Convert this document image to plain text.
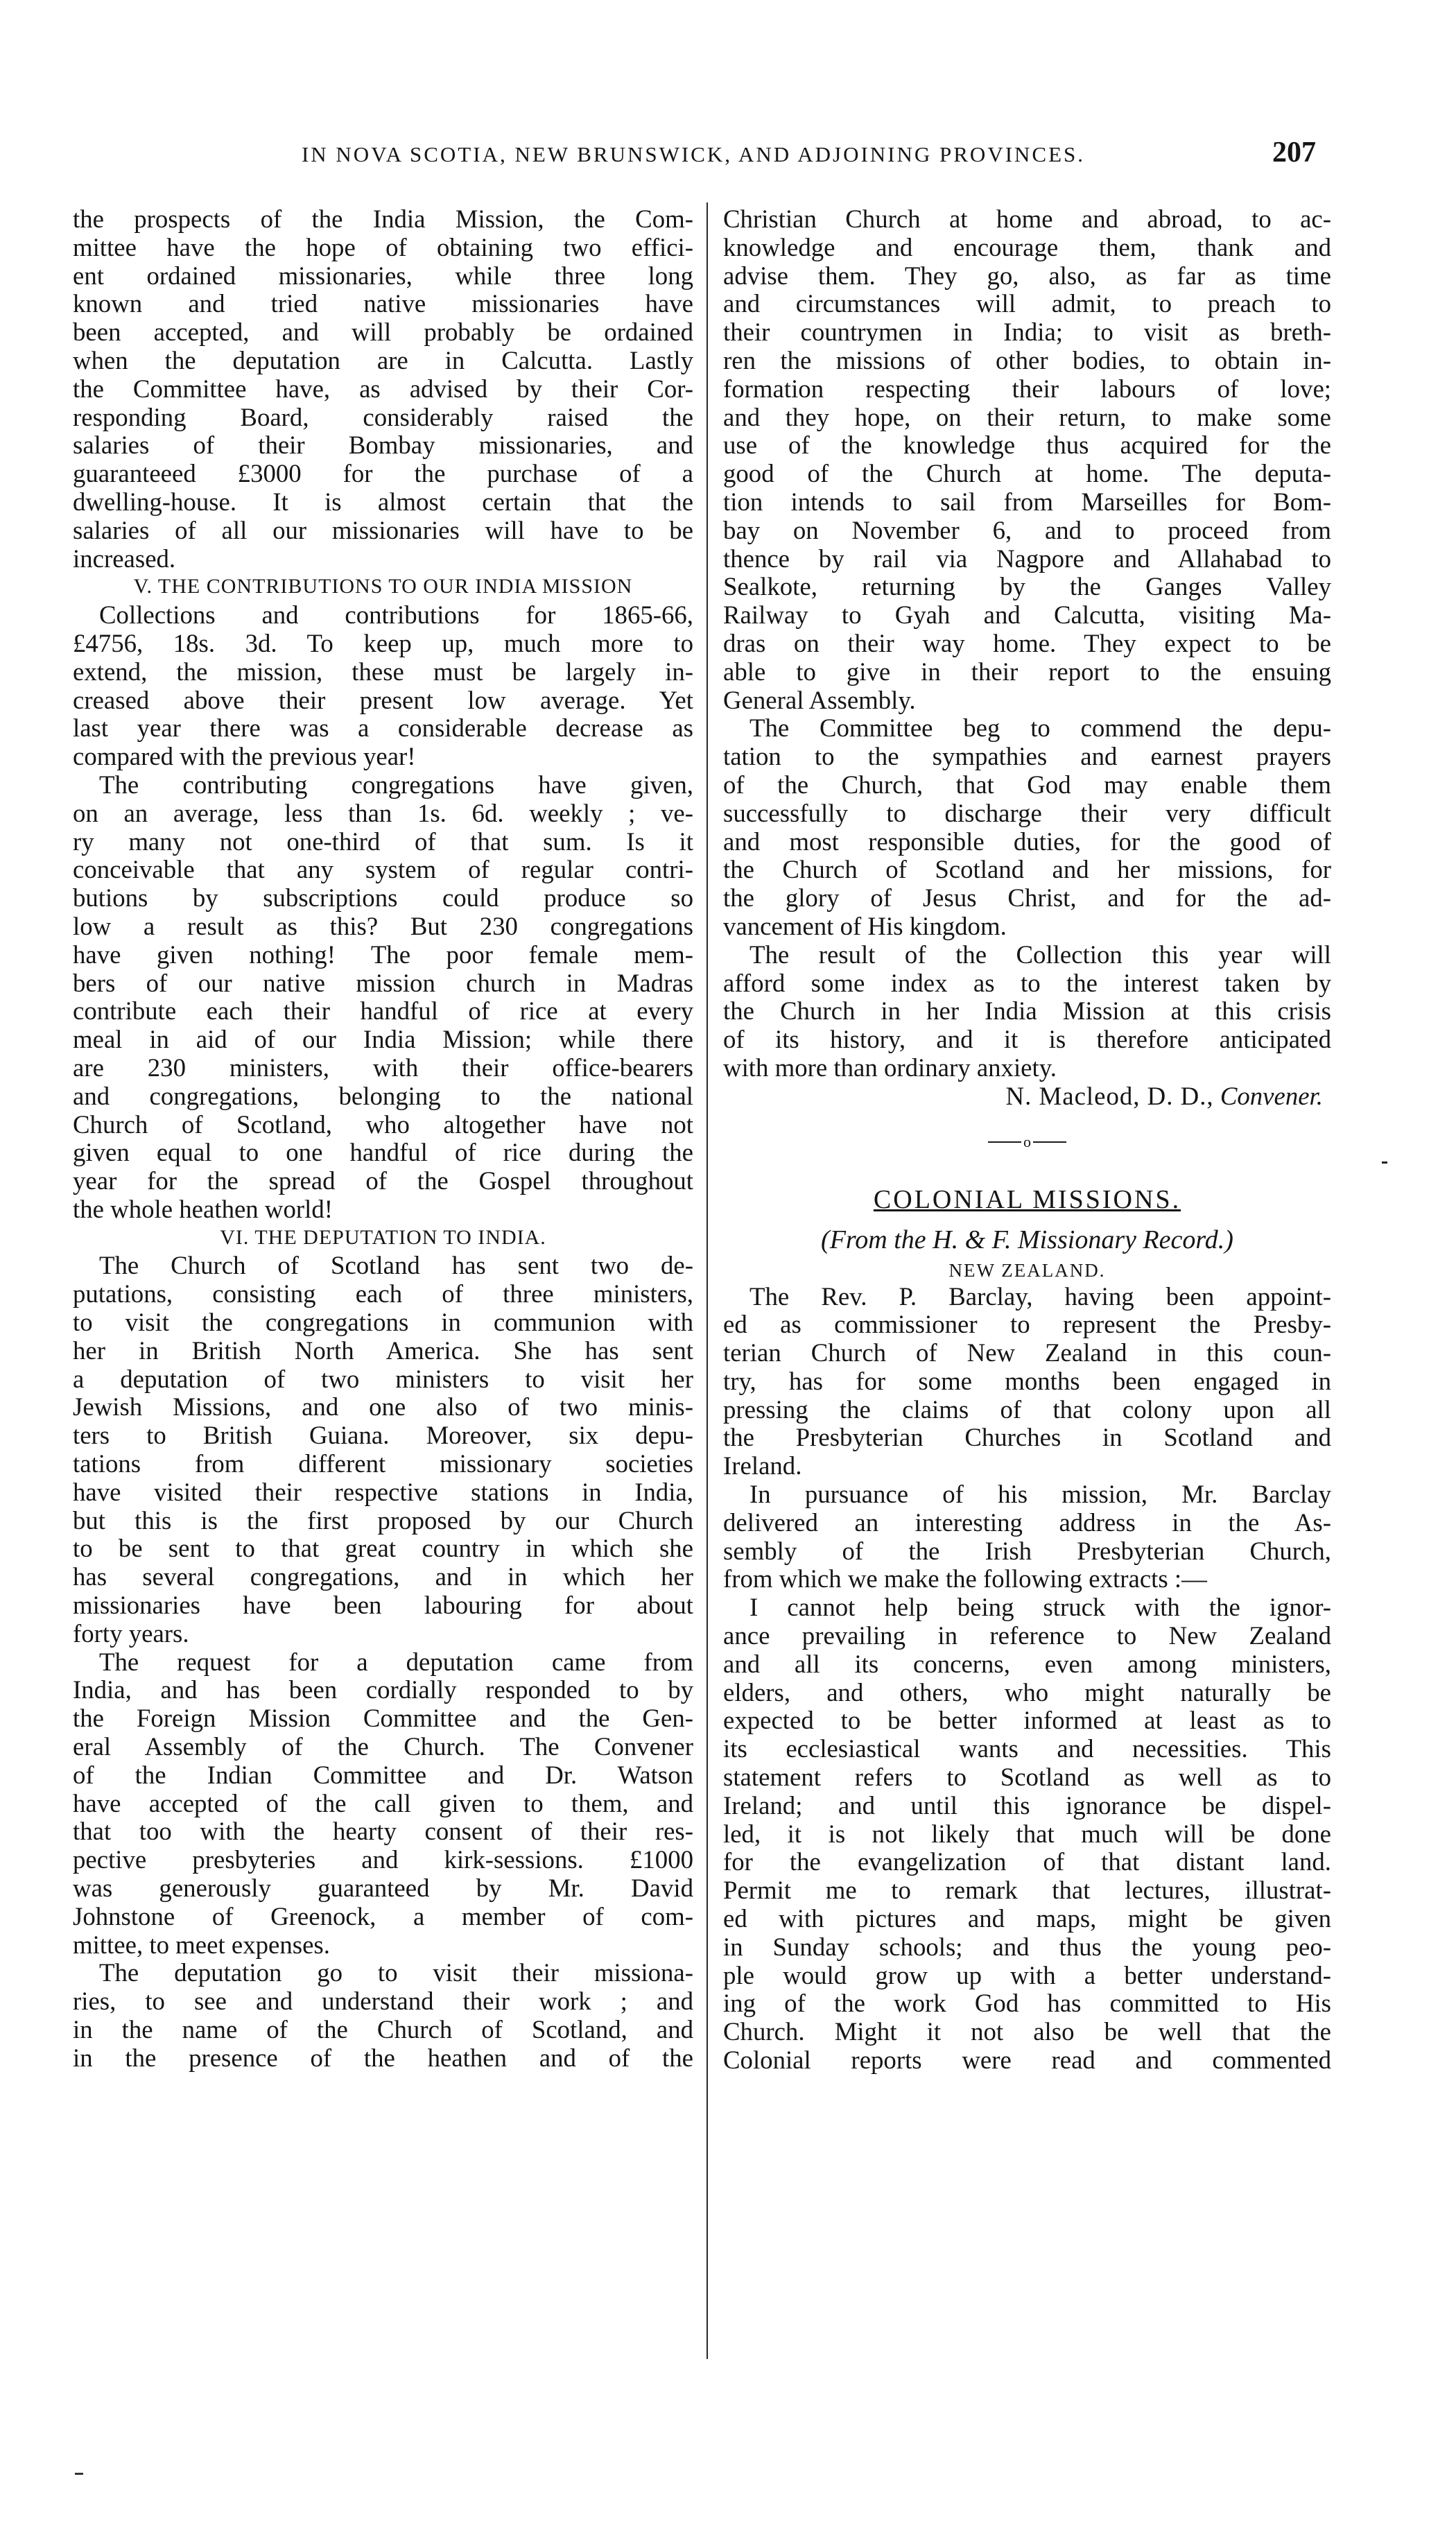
IN NOVA SCOTIA, NEW BRUNSWICK, AND ADJOINING PROVINCES.	207
the prospects of the India Mission, the Com-
mittee have the hope of obtaining two effici-
ent ordained missionaries, while three long
known and tried native missionaries have
been accepted, and will probably be ordained
when the deputation are in Calcutta. Lastly
the Committee have, as advised by their Cor-
responding Board, considerably raised the
salaries of their Bombay missionaries, and
guaranteeed £3000 for the purchase of a
dwelling-house. It is almost certain that the
salaries of all our missionaries will have to be
increased.
V. THE CONTRIBUTIONS TO OUR INDIA MISSION
Collections and contributions for 1865-66,
£4756, 18s. 3d. To keep up, much more to
extend, the mission, these must be largely in-
creased above their present low average. Yet
last year there was a considerable decrease as
compared with the previous year!
The contributing congregations have given,
on an average, less than 1s. 6d. weekly ; ve-
ry many not one-third of that sum. Is it
conceivable that any system of regular contri-
butions by subscriptions could produce so
low a result as this? But 230 congregations
have given nothing! The poor female mem-
bers of our native mission church in Madras
contribute each their handful of rice at every
meal in aid of our India Mission; while there
are 230 ministers, with their office-bearers
and congregations, belonging to the national
Church of Scotland, who altogether have not
given equal to one handful of rice during the
year for the spread of the Gospel throughout
the whole heathen world!
VI. THE DEPUTATION TO INDIA.
The Church of Scotland has sent two de-
putations, consisting each of three ministers,
to visit the congregations in communion with
her in British North America. She has sent
a deputation of two ministers to visit her
Jewish Missions, and one also of two minis-
ters to British Guiana. Moreover, six depu-
tations from different missionary societies
have visited their respective stations in India,
but this is the first proposed by our Church
to be sent to that great country in which she
has several congregations, and in which her
missionaries have been labouring for about
forty years.
The request for a deputation came from
India, and has been cordially responded to by
the Foreign Mission Committee and the Gen-
eral Assembly of the Church. The Convener
of the Indian Committee and Dr. Watson
have accepted of the call given to them, and
that too with the hearty consent of their res-
pective presbyteries and kirk-sessions. £1000
was generously guaranteed by Mr. David
Johnstone of Greenock, a member of com-
mittee, to meet expenses.
The deputation go to visit their missiona-
ries, to see and understand their work ; and
in the name of the Church of Scotland, and
in the presence of the heathen and of the
Christian Church at home and abroad, to ac-
knowledge and encourage them, thank and
advise them. They go, also, as far as time
and circumstances will admit, to preach to
their countrymen in India; to visit as breth-
ren the missions of other bodies, to obtain in-
formation respecting their labours of love;
and they hope, on their return, to make some
use of the knowledge thus acquired for the
good of the Church at home. The deputa-
tion intends to sail from Marseilles for Bom-
bay on November 6, and to proceed from
thence by rail via Nagpore and Allahabad to
Sealkote, returning by the Ganges Valley
Railway to Gyah and Calcutta, visiting Ma-
dras on their way home. They expect to be
able to give in their report to the ensuing
General Assembly.
The Committee beg to commend the depu-
tation to the sympathies and earnest prayers
of the Church, that God may enable them
successfully to discharge their very difficult
and most responsible duties, for the good of
the Church of Scotland and her missions, for
the glory of Jesus Christ, and for the ad-
vancement of His kingdom.
The result of the Collection this year will
afford some index as to the interest taken by
the Church in her India Mission at this crisis
of its history, and it is therefore anticipated
with more than ordinary anxiety.
N. Macleod, D. D., Convener.
o
COLONIAL MISSIONS.
(From the H. & F. Missionary Record.)
NEW ZEALAND.
The Rev. P. Barclay, having been appoint-
ed as commissioner to represent the Presby-
terian Church of New Zealand in this coun-
try, has for some months been engaged in
pressing the claims of that colony upon all
the Presbyterian Churches in Scotland and
Ireland.
In pursuance of his mission, Mr. Barclay
delivered an interesting address in the As-
sembly of the Irish Presbyterian Church,
from which we make the following extracts :—
I cannot help being struck with the ignor-
ance prevailing in reference to New Zealand
and all its concerns, even among ministers,
elders, and others, who might naturally be
expected to be better informed at least as to
its ecclesiastical wants and necessities. This
statement refers to Scotland as well as to
Ireland; and until this ignorance be dispel-
led, it is not likely that much will be done
for the evangelization of that distant land.
Permit me to remark that lectures, illustrat-
ed with pictures and maps, might be given
in Sunday schools; and thus the young peo-
ple would grow up with a better understand-
ing of the work God has committed to His
Church. Might it not also be well that the
Colonial reports were read and commented
